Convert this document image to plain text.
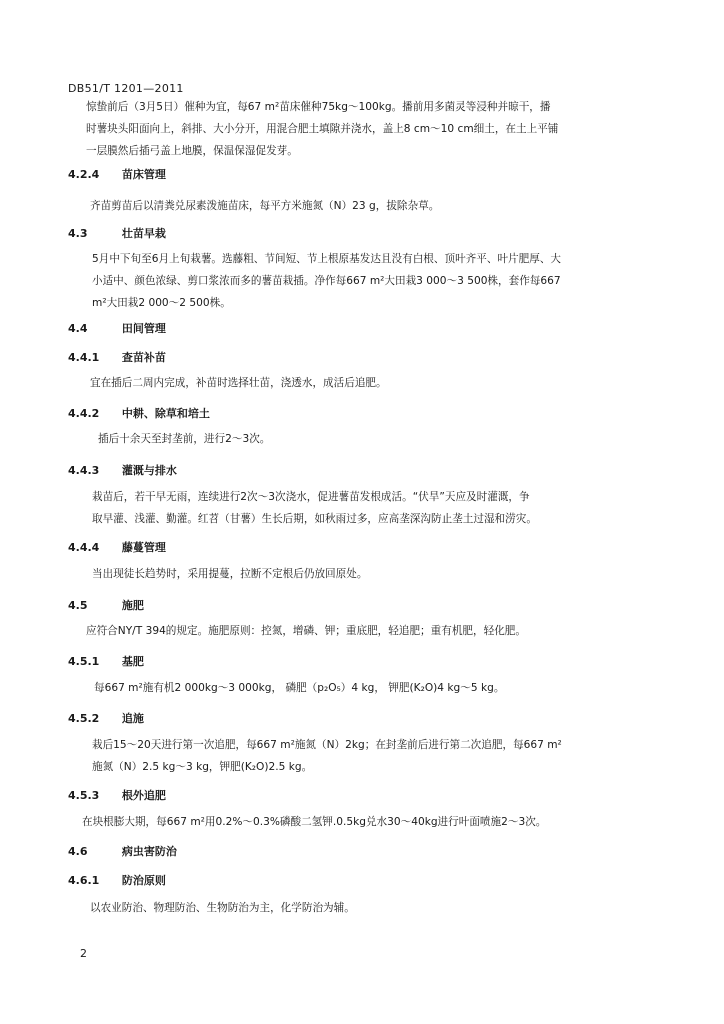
DB51/T 1201—2011
惊蛰前后（3月5日）催种为宜，每67 m²苗床催种75kg～100kg。播前用多菌灵等浸种并晾干，播
时薯块头阳面向上，斜排、大小分开，用混合肥土填隙并浇水，盖上8 cm～10 cm细土，在土上平铺
一层膜然后插弓盖上地膜，保温保湿促发芽。
4.2.4 苗床管理
齐苗剪苗后以清粪兑尿素泼施苗床，每平方米施氮（N）23 g，拔除杂草。
4.3	壮苗早栽
5月中下旬至6月上旬栽薯。选藤粗、节间短、节上根原基发达且没有白根、顶叶齐平、叶片肥厚、大
小适中、颜色浓绿、剪口浆浓而多的薯苗栽插。净作每667 m²大田栽3 000～3 500株，套作每667
m²大田栽2 000～2 500株。
4.4	田间管理
4.4.1 查苗补苗
宜在插后二周内完成，补苗时选择壮苗，浇透水，成活后追肥。
4.4.2 中耕、除草和培土
插后十余天至封垄前，进行2～3次。
4.4.3 灌溉与排水
栽苗后，若干早无雨，连续进行2次～3次浇水，促进薯苗发根成活。“伏旱”天应及时灌溉，争
取早灌、浅灌、勤灌。红苕（甘薯）生长后期，如秋雨过多，应高垄深沟防止垄土过湿和涝灾。
4.4.4 藤蔓管理
当出现徒长趋势时，采用提蔓，拉断不定根后仍放回原处。
4.5	施肥
应符合NY/T 394的规定。施肥原则：控氮，增磷、钾；重底肥，轻追肥；重有机肥，轻化肥。
4.5.1 基肥
每667 m²施有机2 000kg～3 000kg， 磷肥（p₂O₅）4 kg， 钾肥(K₂O)4 kg～5 kg。
4.5.2 追施
栽后15～20天进行第一次追肥，每667 m²施氮（N）2kg；在封垄前后进行第二次追肥，每667 m²
施氮（N）2.5 kg～3 kg，钾肥(K₂O)2.5 kg。
4.5.3 根外追肥
在块根膨大期，每667 m²用0.2%～0.3%磷酸二氢钾.0.5kg兑水30～40kg进行叶面喷施2～3次。
4.6	病虫害防治
4.6.1 防治原则
以农业防治、物理防治、生物防治为主，化学防治为辅。
2
